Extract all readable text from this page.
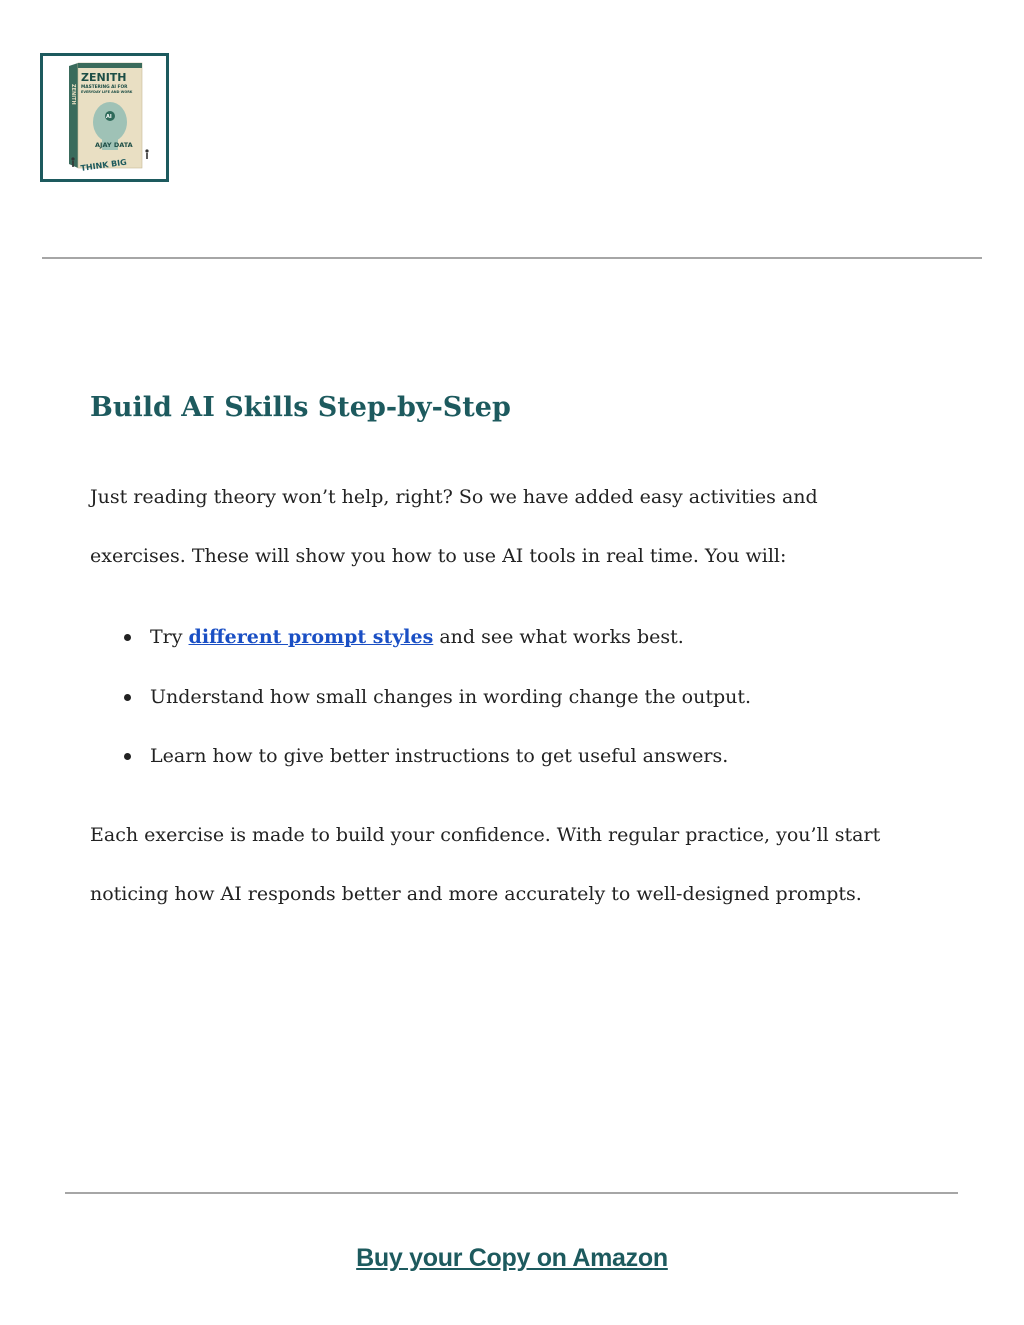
ZENITH
MASTERING AI FOR
EVERYDAY LIFE AND WORK
AI
AJAY DATA
ZENITH
THINK BIG
Build AI Skills Step-by-Step
Just reading theory won’t help, right? So we have added easy activities and
exercises. These will show you how to use AI tools in real time. You will:
Try different prompt styles and see what works best.
Understand how small changes in wording change the output.
Learn how to give better instructions to get useful answers.
Each exercise is made to build your confidence. With regular practice, you’ll start
noticing how AI responds better and more accurately to well-designed prompts.
Buy your Copy on Amazon
